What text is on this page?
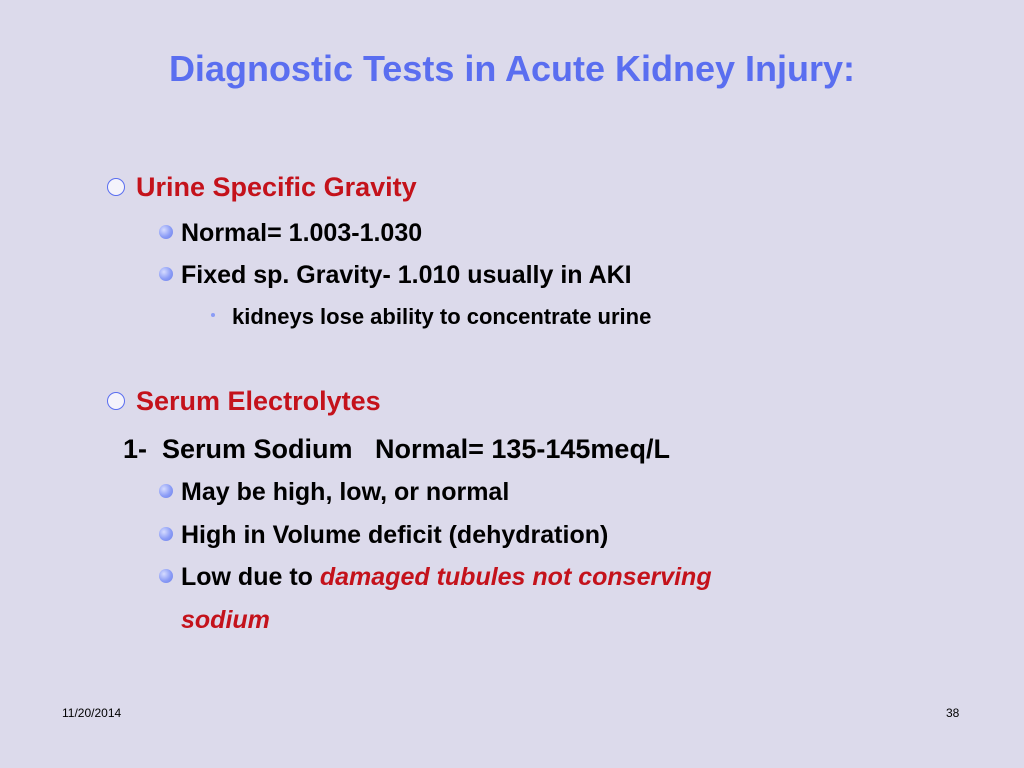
Diagnostic Tests in Acute Kidney Injury:
Urine Specific Gravity
Normal= 1.003-1.030
Fixed sp. Gravity- 1.010 usually in AKI
kidneys lose ability to concentrate urine
Serum Electrolytes
1-  Serum Sodium   Normal= 135-145meq/L
May be high, low, or normal
High in Volume deficit (dehydration)
Low due to damaged tubules not conserving
sodium
11/20/2014	38
